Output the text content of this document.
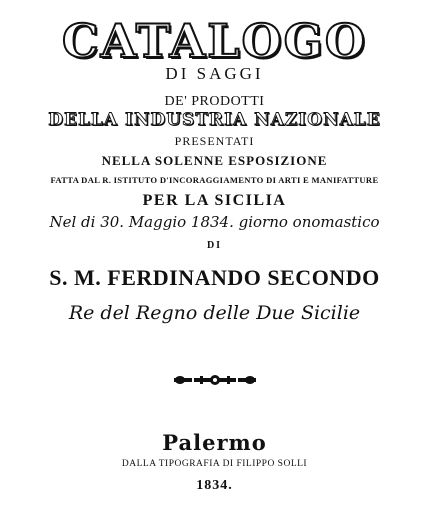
CATALOGO
DI SAGGI
DE' PRODOTTI
DELLA INDUSTRIA NAZIONALE
PRESENTATI
NELLA SOLENNE ESPOSIZIONE
FATTA DAL R. ISTITUTO D'INCORAGGIAMENTO DI ARTI E MANIFATTURE
PER LA SICILIA
Nel di 30. Maggio 1834. giorno onomastico
DI
S. M. FERDINANDO SECONDO
Re del Regno delle Due Sicilie
Palermo
DALLA TIPOGRAFIA DI FILIPPO SOLLI
1834.
